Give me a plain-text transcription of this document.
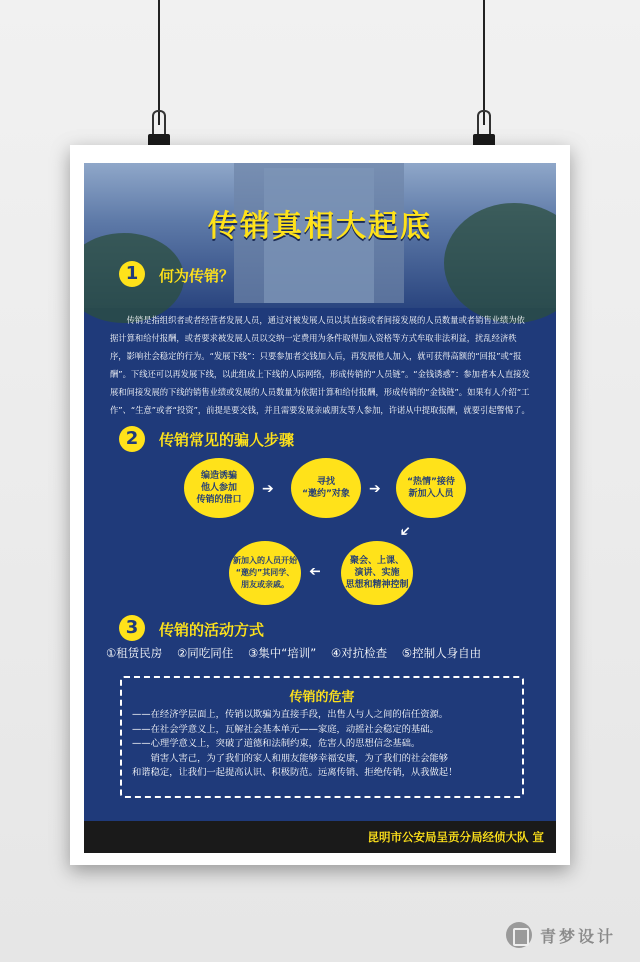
传销真相大起底
1	何为传销？

传销是指组织者或者经营者发展人员，通过对被发展人员以其直接或者间接发展的人员数量或者销售业绩为依据计算和给付报酬，或者要求被发展人员以交纳一定费用为条件取得加入资格等方式牟取非法利益，扰乱经济秩序，影响社会稳定的行为。“发展下线”：只要参加者交钱加入后，再发展他人加入，就可获得高额的“回报”或“报酬”。下线还可以再发展下线，以此组成上下线的人际网络，形成传销的“人员链”。“金钱诱惑”：参加者本人直接发展和间接发展的下线的销售业绩或发展的人员数量为依据计算和给付报酬，形成传销的“金钱链”。如果有人介绍“工作”、“生意”或者“投资”，前提是要交钱，并且需要发展亲戚朋友等人参加，许诺从中提取报酬，就要引起警惕了。

2	传销常见的骗人步骤
编造诱骗
他人参加
传销的借口
➔	寻找
“邀约”对象 ➔	“热情”接待
新加入人员
➔
聚会、上课、
演讲、实施
思想和精神控制
➔
新加入的人员开始
“邀约”其同学、
朋友或亲戚。
3	传销的活动方式
①租赁民房 ②同吃同住 ③集中“培训” ④对抗检查 ⑤控制人身自由
传销的危害
——在经济学层面上，传销以欺骗为直接手段，出售人与人之间的信任资源。
——在社会学意义上，瓦解社会基本单元——家庭，动摇社会稳定的基础。
——心理学意义上，突破了道德和法制约束，危害人的思想信念基础。
　　销害人害己，为了我们的家人和朋友能够幸福安康，为了我们的社会能够
和谐稳定，让我们一起提高认识、积极防范。远离传销、拒绝传销，从我做起！
昆明市公安局呈贡分局经侦大队 宣
青梦设计
